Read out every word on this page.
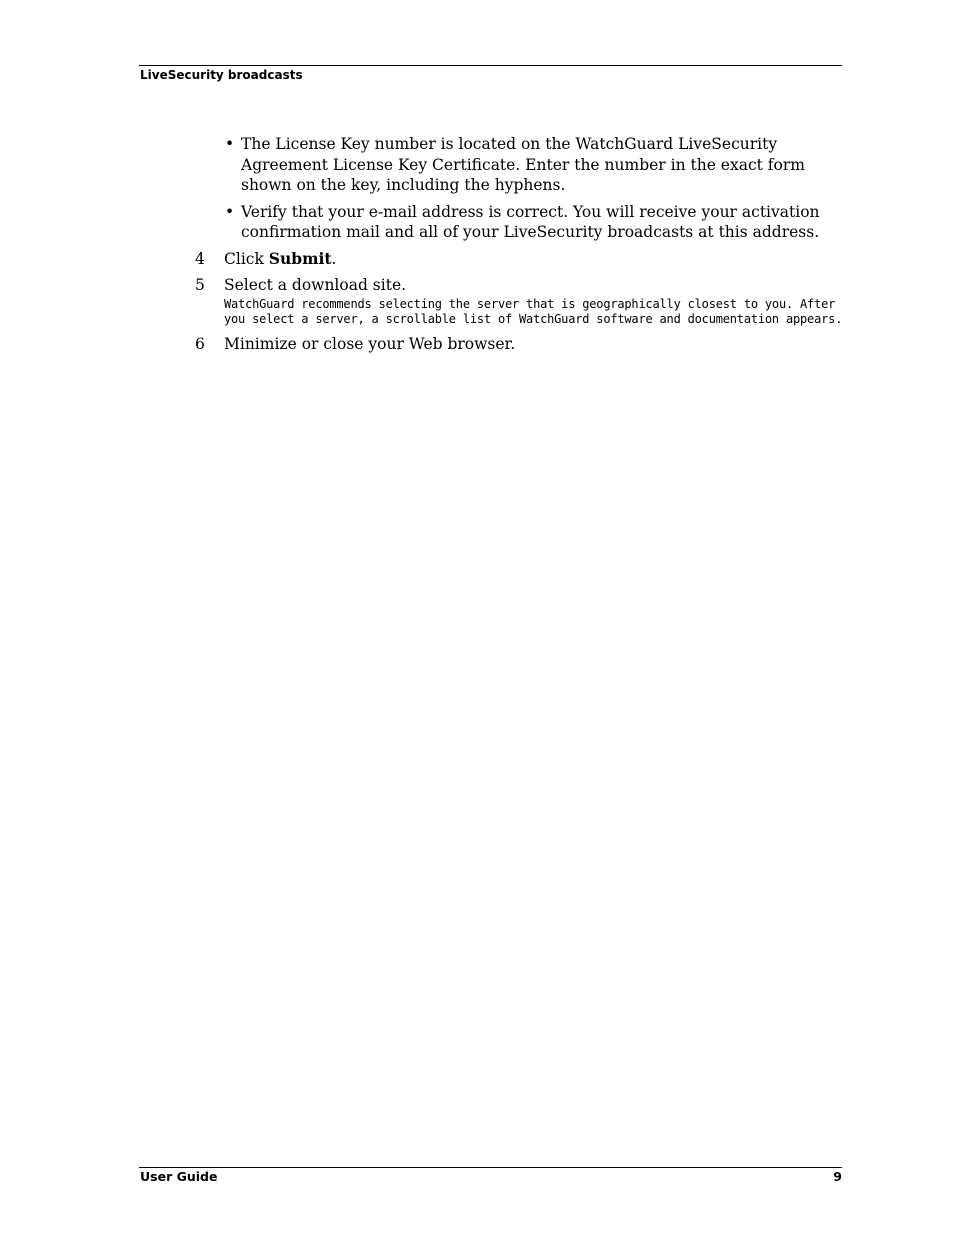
LiveSecurity broadcasts
• The License Key number is located on the WatchGuard LiveSecurity Agreement License Key Certificate. Enter the number in the exact form shown on the key, including the hyphens.
• Verify that your e-mail address is correct. You will receive your activation confirmation mail and all of your LiveSecurity broadcasts at this address.
4 Click Submit.
5 Select a download site.
WatchGuard recommends selecting the server that is geographically closest to you. After you select a server, a scrollable list of WatchGuard software and documentation appears.
6 Minimize or close your Web browser.
User Guide	9
